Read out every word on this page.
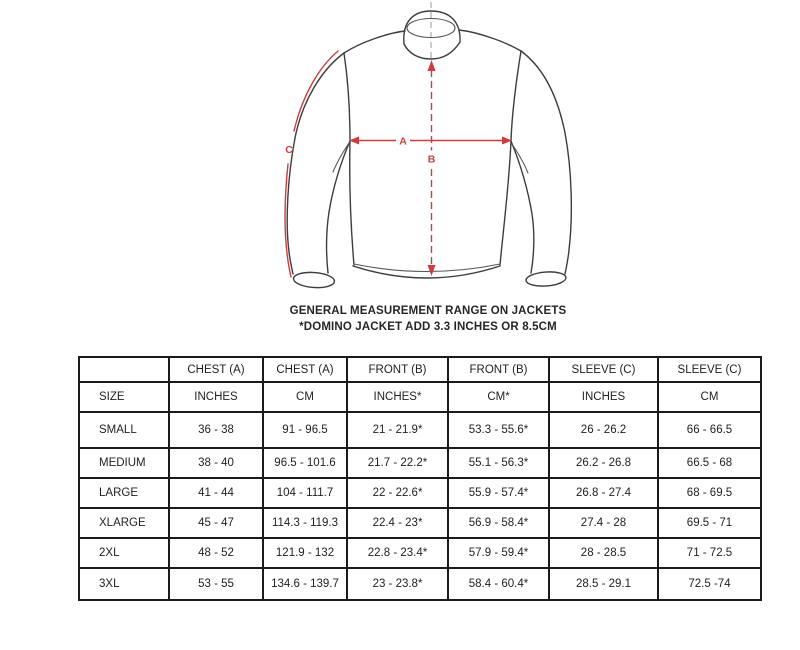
A
B
C
GENERAL MEASUREMENT RANGE ON JACKETS
*DOMINO JACKET ADD 3.3 INCHES OR 8.5CM
	CHEST (A)	CHEST (A)	FRONT (B)	FRONT (B)	SLEEVE (C)	SLEEVE (C)
SIZE	INCHES	CM	INCHES*	CM*	INCHES	CM
SMALL	36 - 38	91 - 96.5	21 - 21.9*	53.3 - 55.6*	26 - 26.2	66 - 66.5
MEDIUM	38 - 40	96.5 - 101.6	21.7 - 22.2*	55.1 - 56.3*	26.2 - 26.8	66.5 - 68
LARGE	41 - 44	104 - 111.7	22 - 22.6*	55.9 - 57.4*	26.8 - 27.4	68 - 69.5
XLARGE	45 - 47	114.3 - 119.3	22.4 - 23*	56.9 - 58.4*	27.4 - 28	69.5 - 71
2XL	48 - 52	121.9 - 132	22.8 - 23.4*	57.9 - 59.4*	28 - 28.5	71 - 72.5
3XL	53 - 55	134.6 - 139.7	23 - 23.8*	58.4 - 60.4*	28.5 - 29.1	72.5 -74
